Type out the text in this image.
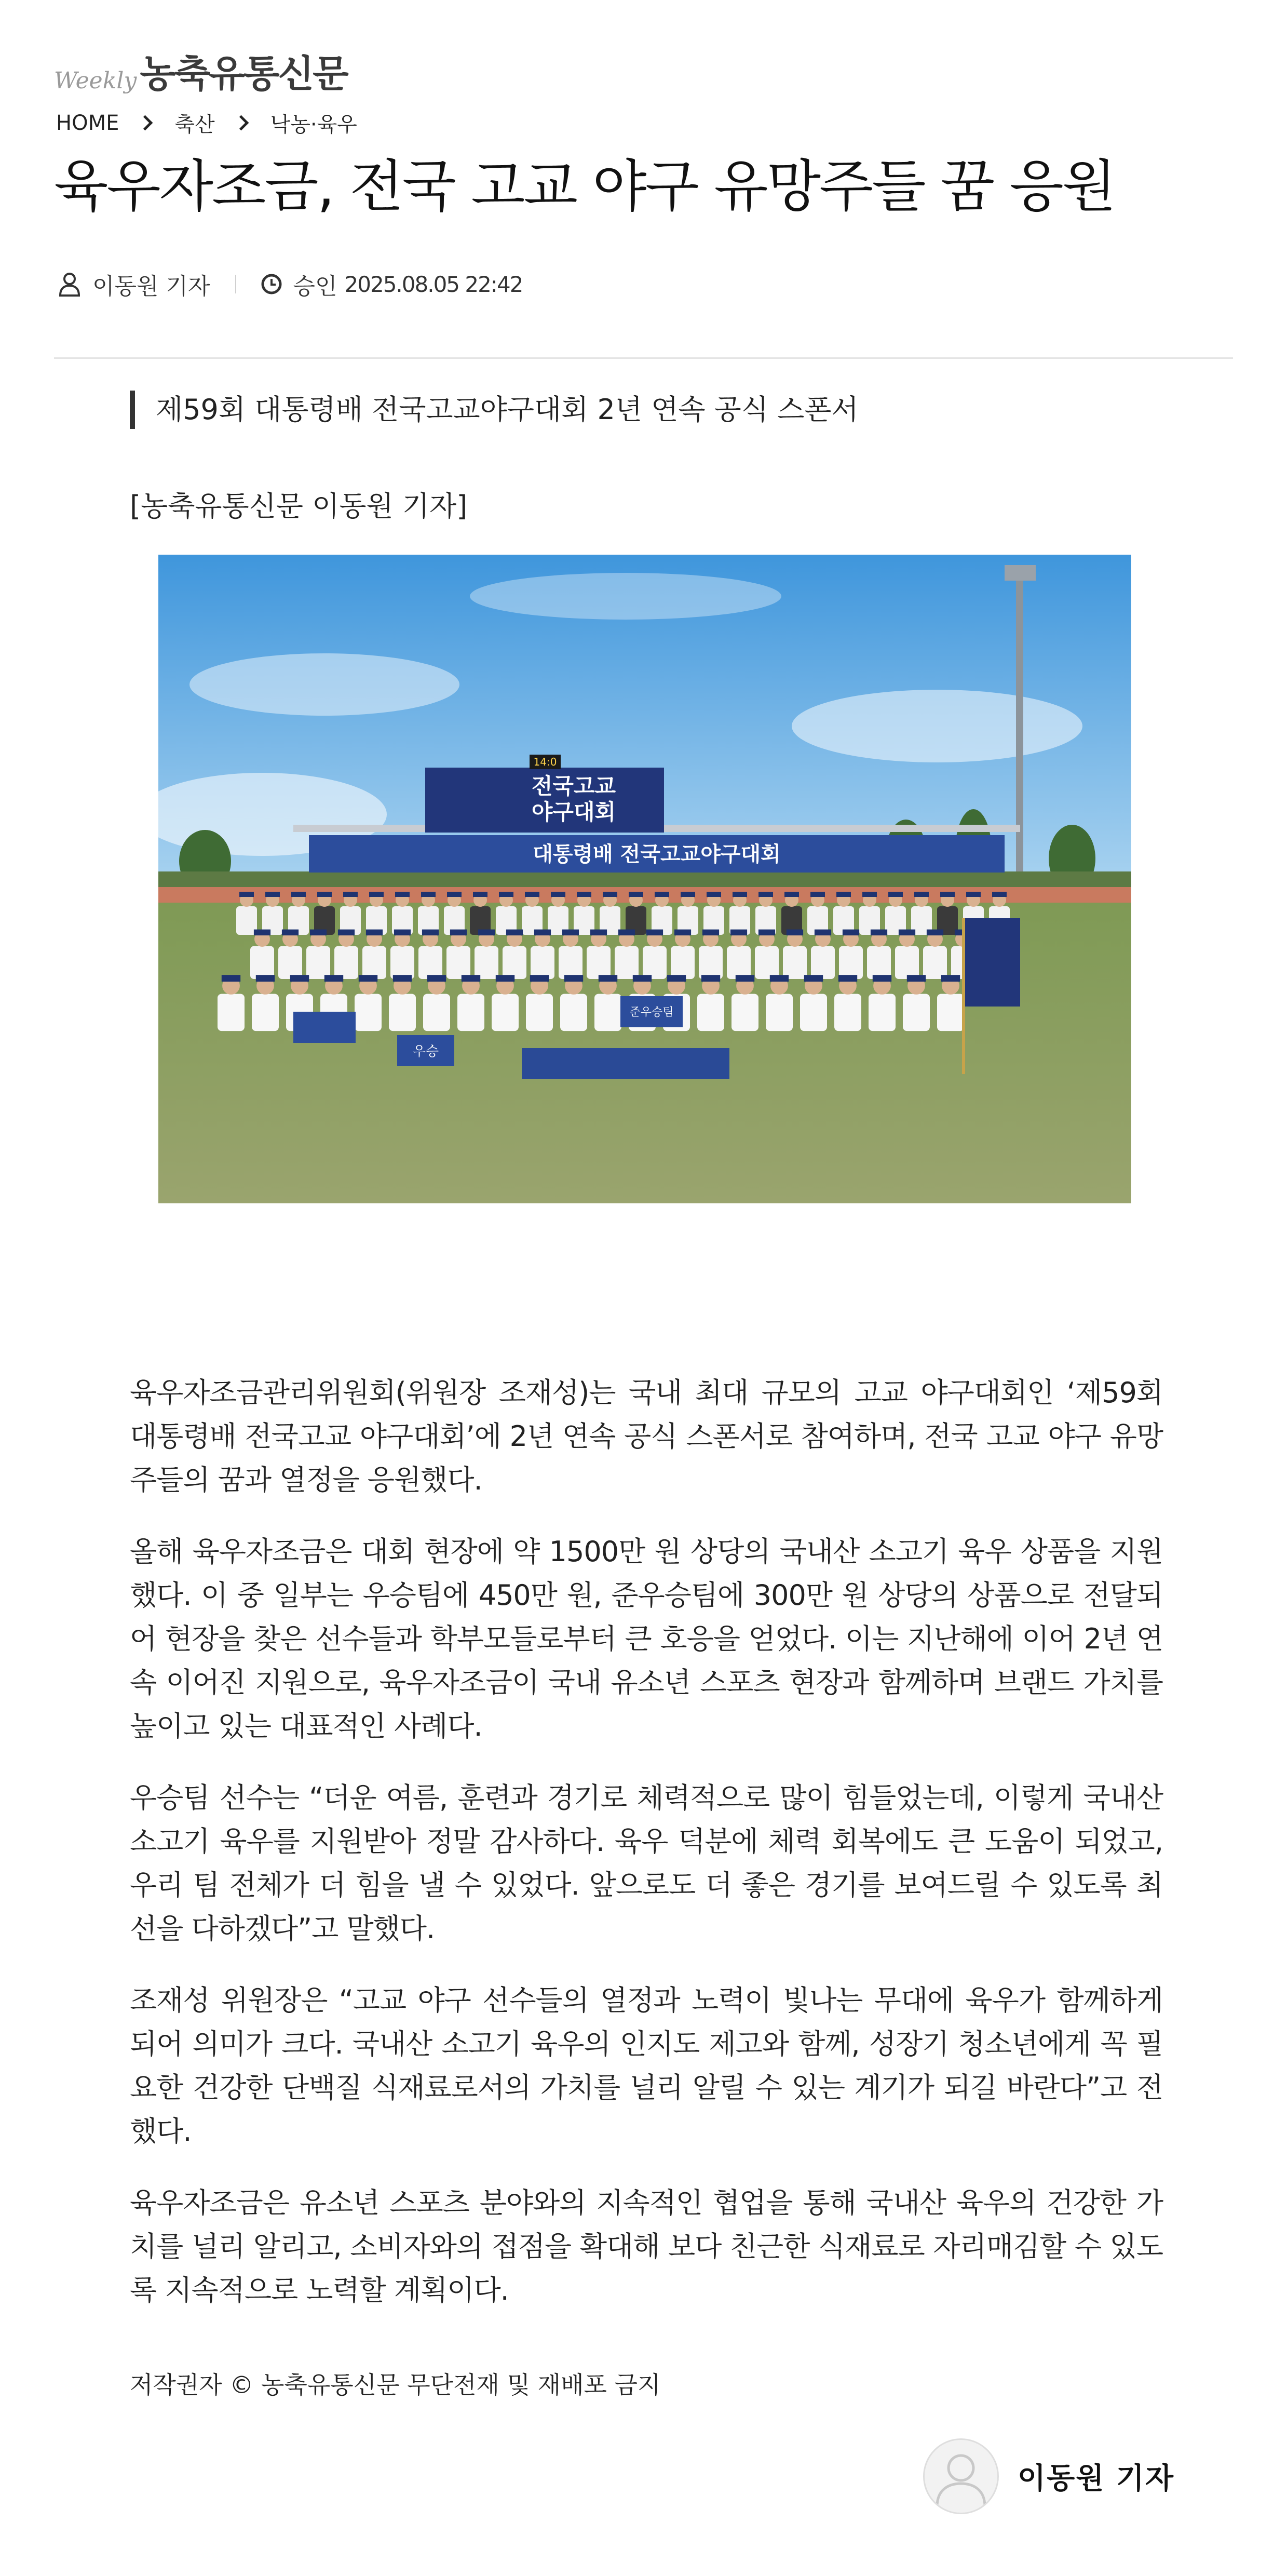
Weekly 농축유통신문
HOME	축산	낙농·육우
육우자조금, 전국 고교 야구 유망주들 꿈 응원
이동원 기자	승인 2025.08.05 22:42
제59회 대통령배 전국고교야구대회 2년 연속 공식 스폰서
[농축유통신문 이동원 기자]
대통령배 전국고교야구대회
14:0
전국고교
야구대회
우승
준우승팀

육우자조금관리위원회(위원장 조재성)는 국내 최대 규모의 고교 야구대회인 ‘제59회 대통령배 전국고교 야구대회’에 2년 연속 공식 스폰서로 참여하며, 전국 고교 야구 유망주들의 꿈과 열정을 응원했다.

올해 육우자조금은 대회 현장에 약 1500만 원 상당의 국내산 소고기 육우 상품을 지원했다. 이 중 일부는 우승팀에 450만 원, 준우승팀에 300만 원 상당의 상품으로 전달되어 현장을 찾은 선수들과 학부모들로부터 큰 호응을 얻었다. 이는 지난해에 이어 2년 연속 이어진 지원으로, 육우자조금이 국내 유소년 스포츠 현장과 함께하며 브랜드 가치를 높이고 있는 대표적인 사례다.

우승팀 선수는 “더운 여름, 훈련과 경기로 체력적으로 많이 힘들었는데, 이렇게 국내산 소고기 육우를 지원받아 정말 감사하다. 육우 덕분에 체력 회복에도 큰 도움이 되었고, 우리 팀 전체가 더 힘을 낼 수 있었다. 앞으로도 더 좋은 경기를 보여드릴 수 있도록 최선을 다하겠다”고 말했다.

조재성 위원장은 “고교 야구 선수들의 열정과 노력이 빛나는 무대에 육우가 함께하게 되어 의미가 크다. 국내산 소고기 육우의 인지도 제고와 함께, 성장기 청소년에게 꼭 필요한 건강한 단백질 식재료로서의 가치를 널리 알릴 수 있는 계기가 되길 바란다”고 전했다.

육우자조금은 유소년 스포츠 분야와의 지속적인 협업을 통해 국내산 육우의 건강한 가치를 널리 알리고, 소비자와의 접점을 확대해 보다 친근한 식재료로 자리매김할 수 있도록 지속적으로 노력할 계획이다.

저작권자 © 농축유통신문 무단전재 및 재배포 금지
이동원 기자
